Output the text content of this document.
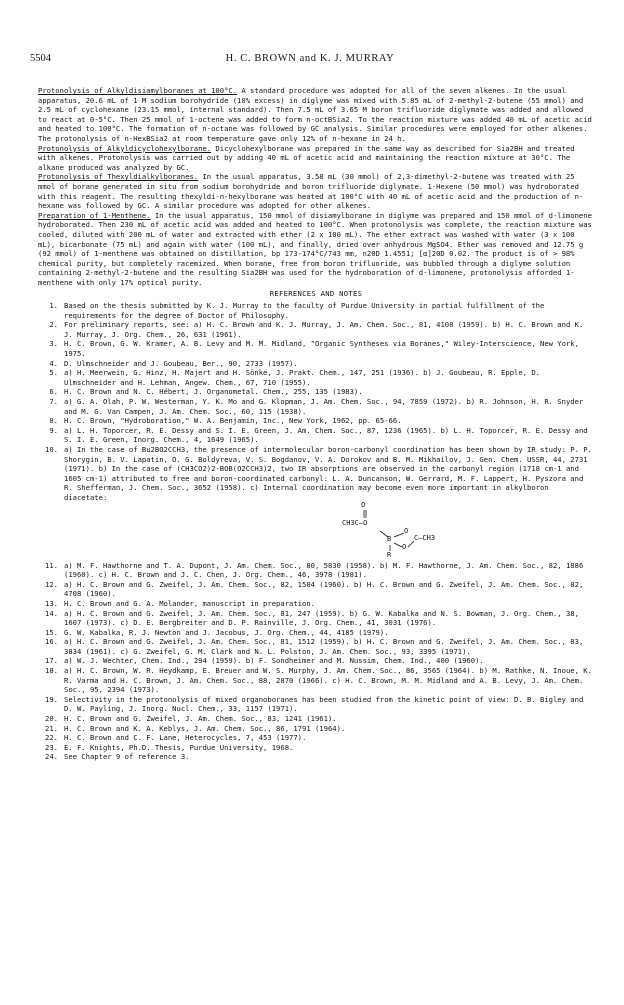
5504	H. C. BROWN and K. J. MURRAY

Protonolysis of Alkyldisiamylboranes at 100°C. A standard procedure was adopted for all of the seven alkenes. In the usual apparatus, 20.6 mL of 1 M sodium borohydride (10% excess) in diglyme was mixed with 5.85 mL of 2-methyl-2-butene (55 mmol) and 2.5 mL of cyclohexane (23.15 mmol, internal standard). Then 7.5 mL of 3.65 M boron trifluoride diglymate was added and allowed to react at 0-5°C. Then 25 mmol of 1-octene was added to form n-octBSia2. To the reaction mixture was added 40 mL of acetic acid and heated to 100°C. The formation of n-octane was followed by GC analysis. Similar procedures were employed for other alkenes. The protonolysis of n-HexBSia2 at room temperature gave only 12% of n-hexane in 24 h.

Protonolysis of Alkyldicyclohexylborane. Dicyclohexylborane was prepared in the same way as described for Sia2BH and treated with alkenes. Protonolysis was carried out by adding 40 mL of acetic acid and maintaining the reaction mixture at 30°C. The alkane produced was analyzed by GC.

Protonolysis of Thexyldialkylboranes. In the usual apparatus, 3.58 mL (30 mmol) of 2,3-dimethyl-2-butene was treated with 25 mmol of borane generated in situ from sodium borohydride and boron trifluoride diglymate. 1-Hexene (50 mmol) was hydroborated with this reagent. The resulting thexyldi-n-hexylborane was heated at 100°C with 40 mL of acetic acid and the production of n-hexane was followed by GC. A similar procedure was adopted for other alkenes.

Preparation of 1-Menthene. In the usual apparatus, 150 mmol of disiamylborane in diglyme was prepared and 150 mmol of d-limonene hydroborated. Then 230 mL of acetic acid was added and heated to 100°C. When protonolysis was complete, the reaction mixture was cooled, diluted with 200 mL of water and extracted with ether (2 x 100 mL). The ether extract was washed with water (3 x 100 mL), bicarbonate (75 mL) and again with water (100 mL), and finally, dried over anhydrous MgSO4. Ether was removed and 12.75 g (92 mmol) of 1-menthene was obtained on distillation, bp 173-174°C/743 mm, n20D 1.4551; [α]20D 0.02. The product is of > 98% chemical purity, but completely racemized. When borane, free from boron trifluoride, was bubbled through a diglyme solution containing 2-methyl-2-butene and the resulting Sia2BH was used for the hydroboration of d-limonene, protonolysis afforded 1-menthene with only 17% optical purity.

REFERENCES AND NOTES
1. Based on the thesis submitted by K. J. Murray to the faculty of Purdue University in partial fulfillment of the requirements for the degree of Doctor of Philosophy.
2. For preliminary reports, see: a) H. C. Brown and K. J. Murray, J. Am. Chem. Soc., 81, 4108 (1959). b) H. C. Brown and K. J. Murray, J. Org. Chem., 26, 631 (1961).
3. H. C. Brown, G. W. Kramer, A. B. Levy and M. M. Midland, "Organic Syntheses via Boranes," Wiley-Interscience, New York, 1975.
4. D. Ulmschneider and J. Goubeau, Ber., 90, 2733 (1957).
5. a) H. Meerwein, G. Hinz, H. Majert and H. Sönke, J. Prakt. Chem., 147, 251 (1936). b) J. Goubeau, R. Epple, D. Ulmschneider and H. Lehman, Angew. Chem., 67, 710 (1955).
6. H. C. Brown and N. C. Hébert, J. Organometal. Chem., 255, 135 (1983).
7. a) G. A. Olah, P. W. Westerman, Y. K. Mo and G. Klopman, J. Am. Chem. Soc., 94, 7859 (1972). b) R. Johnson, H. R. Snyder and M. G. Van Campen, J. Am. Chem. Soc., 60, 115 (1938).
8. H. C. Brown, "Hydroboration," W. A. Benjamin, Inc., New York, 1962, pp. 65-66.
9. a) L. H. Toporcer, R. E. Dessy and S. I. E. Green, J. Am. Chem. Soc., 87, 1236 (1965). b) L. H. Toporcer, R. E. Dessy and S. I. E. Green, Inorg. Chem., 4, 1649 (1965).
10. a) In the case of Bu2BO2CCH3, the presence of intermolecular boron-carbonyl coordination has been shown by IR study: P. P. Shorygin, B. V. Lapatin, O. G. Boldyreva, V. S. Bogdanov, V. A. Dorokov and B. M. Mikhailov, J. Gen. Chem. USSR, 44, 2731 (1971). b) In the case of (CH3CO2)2-BOB(O2CCH3)2, two IR absorptions are observed in the carbonyl region (1718 cm-1 and 1605 cm-1) attributed to free and boron-coordinated carbonyl: L. A. Duncanson, W. Gerrard, M. F. Lappert, H. Pyszora and R. Shefferman, J. Chem. Soc., 3652 (1958). c) Internal coordination may become even more important in alkylboron diacetate:
O
CH3C—O
B
O
C—CH3
O
R
11. a) M. F. Hawthorne and T. A. Dupont, J. Am. Chem. Soc., 80, 5830 (1958). b) M. F. Hawthorne, J. Am. Chem. Soc., 82, 1886 (1960). c) H. C. Brown and J. C. Chen, J. Org. Chem., 46, 3978 (1981).
12. a) H. C. Brown and G. Zweifel, J. Am. Chem. Soc., 82, 1504 (1960). b) H. C. Brown and G. Zweifel, J. Am. Chem. Soc., 82, 4708 (1960).
13. H. C. Brown and G. A. Molander, manuscript in preparation.
14. a) H. C. Brown and G. Zweifel, J. Am. Chem. Soc., 81, 247 (1959). b) G. W. Kabalka and N. S. Bowman, J. Org. Chem., 38, 1607 (1973). c) D. E. Bergbreiter and D. P. Rainville, J. Org. Chem., 41, 3031 (1976).
15. G. W. Kabalka, R. J. Newton and J. Jacobus, J. Org. Chem., 44, 4185 (1979).
16. a) H. C. Brown and G. Zweifel, J. Am. Chem. Soc., 81, 1512 (1959). b) H. C. Brown and G. Zweifel, J. Am. Chem. Soc., 83, 3834 (1961). c) G. Zweifel, G. M. Clark and N. L. Polston, J. Am. Chem. Soc., 93, 3395 (1971).
17. a) W. J. Wechter, Chem. Ind., 294 (1959). b) F. Sondheimer and M. Nussim, Chem. Ind., 400 (1960).
18. a) H. C. Brown, W. R. Heydkamp, E. Breuer and W. S. Murphy, J. Am. Chem. Soc., 86, 3565 (1964). b) M. Rathke, N. Inoue, K. R. Varma and H. C. Brown, J. Am. Chem. Soc., 88, 2870 (1966). c) H. C. Brown, M. M. Midland and A. B. Levy, J. Am. Chem. Soc., 95, 2394 (1973).
19. Selectivity in the protonolysis of mixed organoboranes has been studied from the kinetic point of view: D. B. Bigley and D. W. Payling, J. Inorg. Nucl. Chem., 33, 1157 (1971).
20. H. C. Brown and G. Zweifel, J. Am. Chem. Soc., 83, 1241 (1961).
21. H. C. Brown and K. A. Keblys, J. Am. Chem. Soc., 86, 1791 (1964).
22. H. C. Brown and C. F. Lane, Heterocycles, 7, 453 (1977).
23. E. F. Knights, Ph.D. Thesis, Purdue University, 1968.
24. See Chapter 9 of reference 3.
